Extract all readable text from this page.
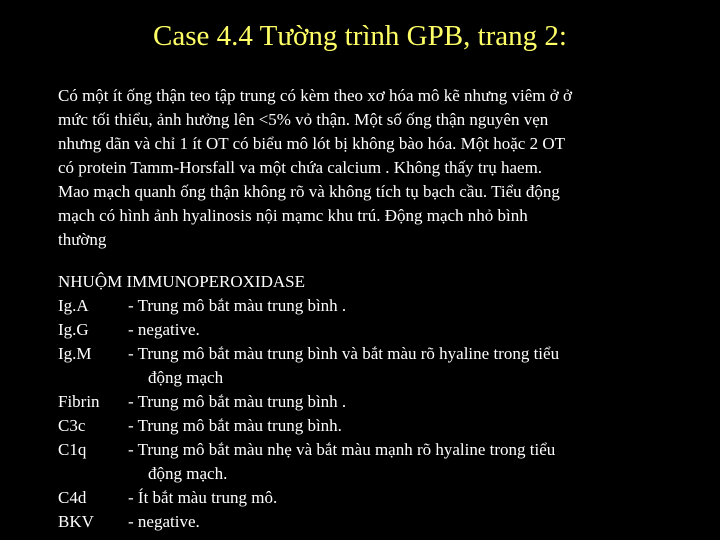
Case 4.4 Tường trình GPB, trang 2:
Có một ít ống thận teo tập trung có kèm theo xơ hóa mô kẽ nhưng viêm ở ở
mức tối thiểu, ảnh hưởng lên <5% vỏ thận. Một số ống thận nguyên vẹn
nhưng dãn và chỉ 1 ít OT có biểu mô lót bị không bào hóa. Một hoặc 2 OT
có protein Tamm-Horsfall va một chứa calcium . Không thấy trụ haem.
Mao mạch quanh ống thận không rõ và không tích tụ bạch cầu. Tiểu động
mạch có hình ảnh hyalinosis nội mạmc khu trú. Động mạch nhỏ bình
thường
NHUỘM IMMUNOPEROXIDASE
Ig.A - Trung mô bắt màu trung bình .
Ig.G - negative.
Ig.M - Trung mô bắt màu trung bình và bắt màu rõ hyaline trong tiểu
động mạch
Fibrin - Trung mô bắt màu trung bình .
C3c	- Trung mô bắt màu trung bình.
C1q - Trung mô bắt màu nhẹ và bắt màu mạnh rõ hyaline trong tiểu
động mạch.
C4d - Ít bắt màu trung mô.
BKV - negative.
